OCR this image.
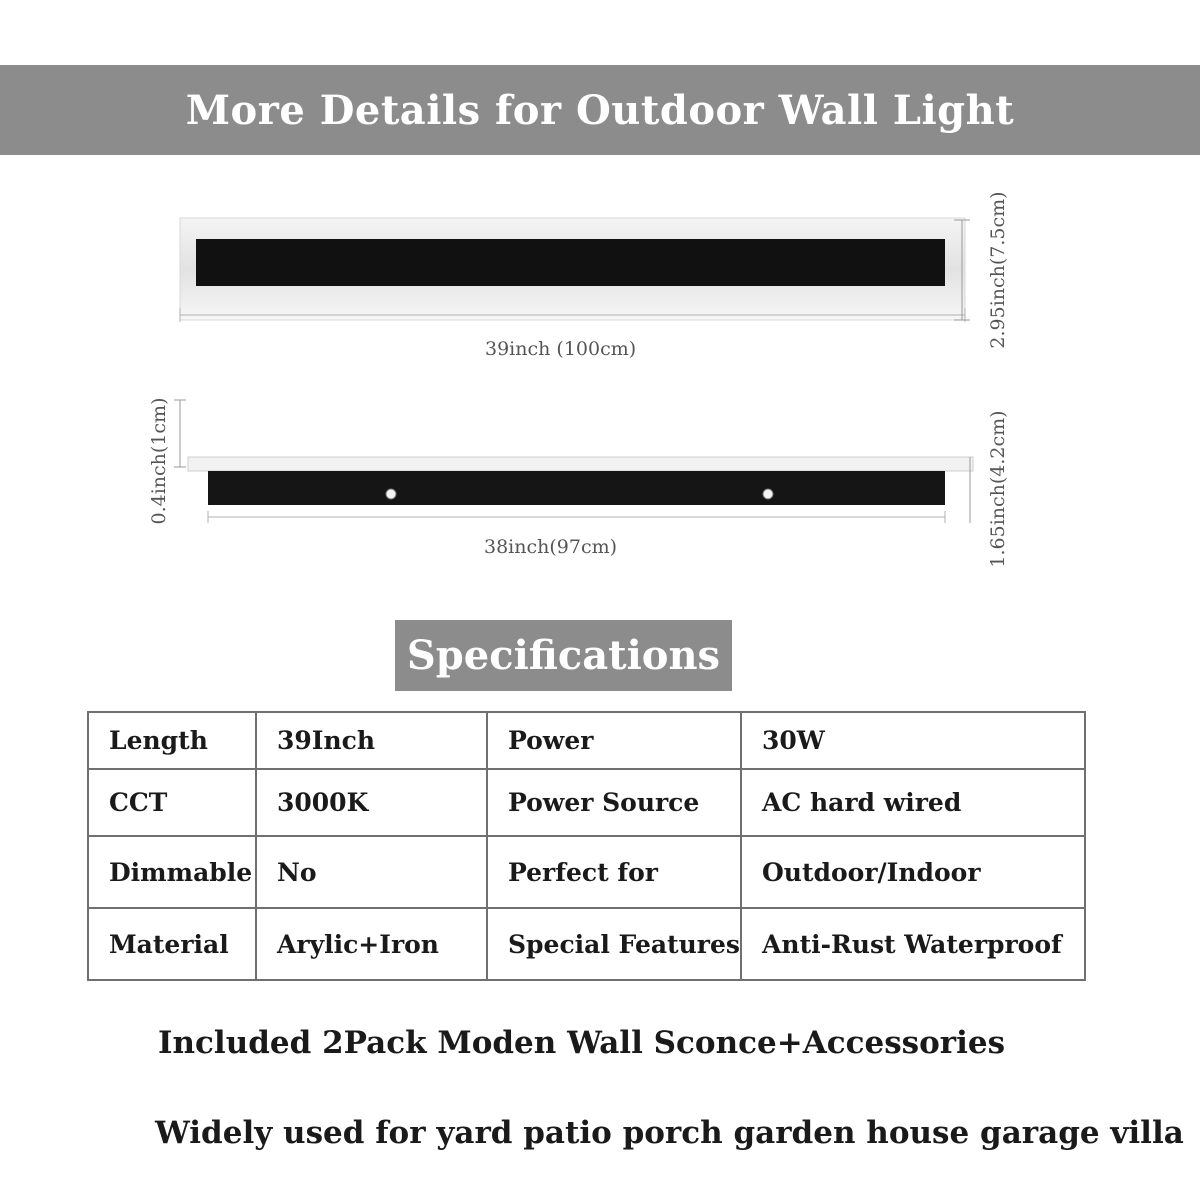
More Details for Outdoor Wall Light
39inch (100cm)
2.95inch(7.5cm)
0.4inch(1cm)
38inch(97cm)	1.65inch(4.2cm)
Specifications
Length	39Inch	Power	30W
CCT	3000K	Power Source	AC hard wired
Dimmable	No	Perfect for	Outdoor/Indoor
Material	Arylic+Iron	Special Features	Anti-Rust Waterproof
Included 2Pack Moden Wall Sconce+Accessories
Widely used for yard patio porch garden house garage villa
